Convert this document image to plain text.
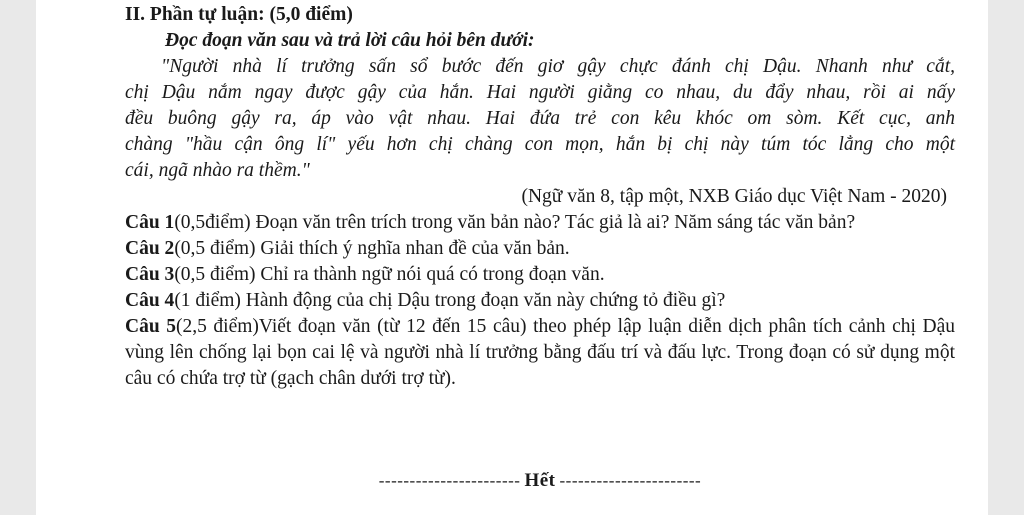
II. Phần tự luận: (5,0 điểm)
Đọc đoạn văn sau và trả lời câu hỏi bên dưới:
"Người nhà lí trưởng sấn sổ bước đến giơ gậy chực đánh chị Dậu. Nhanh như cắt,
chị Dậu nắm ngay được gậy của hắn. Hai người giằng co nhau, du đẩy nhau, rồi ai nấy
đều buông gậy ra, áp vào vật nhau. Hai đứa trẻ con kêu khóc om sòm. Kết cục, anh
chàng "hầu cận ông lí" yếu hơn chị chàng con mọn, hắn bị chị này túm tóc lẳng cho một
cái, ngã nhào ra thềm."
(Ngữ văn 8, tập một, NXB Giáo dục Việt Nam - 2020)
Câu 1(0,5điểm) Đoạn văn trên trích trong văn bản nào? Tác giả là ai? Năm sáng tác văn bản?
Câu 2(0,5 điểm) Giải thích ý nghĩa nhan đề của văn bản.
Câu 3(0,5 điểm) Chỉ ra thành ngữ nói quá có trong đoạn văn.
Câu 4(1 điểm) Hành động của chị Dậu trong đoạn văn này chứng tỏ điều gì?
Câu 5(2,5 điểm)Viết đoạn văn (từ 12 đến 15 câu) theo phép lập luận diễn dịch phân tích cảnh chị Dậu vùng lên chống lại bọn cai lệ và người nhà lí trưởng bằng đấu trí và đấu lực. Trong đoạn có sử dụng một câu có chứa trợ từ (gạch chân dưới trợ từ).
----------------------- Hết -----------------------
